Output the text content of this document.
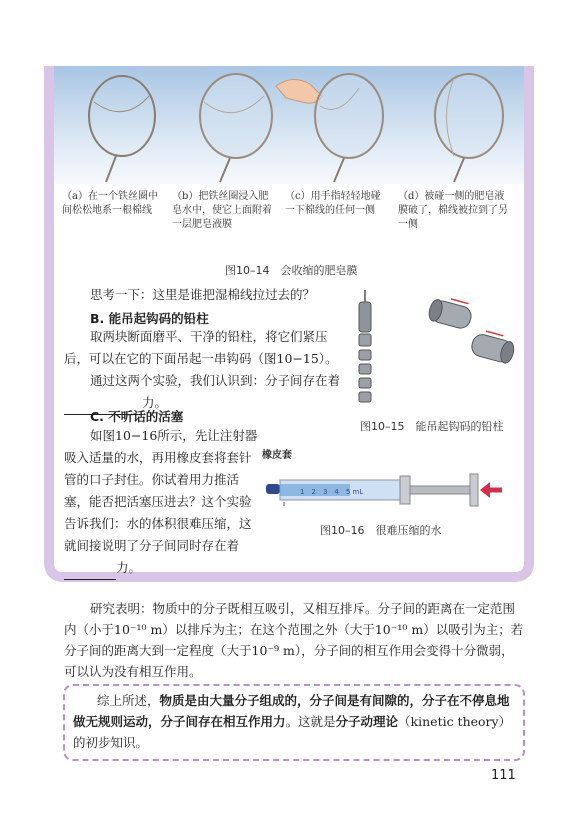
（a）在一个铁丝圈中间松松地系一根棉线
（b）把铁丝圈浸入肥皂水中，使它上面附着一层肥皂液膜
（c）用手指轻轻地碰一下棉线的任何一侧
（d）被碰一侧的肥皂液膜破了，棉线被拉到了另一侧
图10–14　会收缩的肥皂膜
思考一下：这里是谁把湿棉线拉过去的？
B. 能吊起钩码的铅柱
取两块断面磨平、干净的铅柱，将它们紧压后，可以在它的下面吊起一串钩码（图10−15）。
通过这两个实验，我们认识到：分子间存在着 力。
图10–15　能吊起钩码的铅柱
C. 不听话的活塞
如图10−16所示，先让注射器吸入适量的水，再用橡皮套将套针管的口子封住。你试着用力推活塞，能否把活塞压进去？这个实验告诉我们：水的体积很难压缩，这就间接说明了分子间同时存在着 力。
橡皮套
1 2 3 4 5 mL
图10–16　很难压缩的水
研究表明：物质中的分子既相互吸引，又相互排斥。分子间的距离在一定范围内（小于10⁻¹⁰ m）以排斥为主；在这个范围之外（大于10⁻¹⁰ m）以吸引为主；若分子间的距离大到一定程度（大于10⁻⁹ m），分子间的相互作用会变得十分微弱，可以认为没有相互作用。
综上所述，物质是由大量分子组成的，分子间是有间隙的，分子在不停息地做无规则运动，分子间存在相互作用力。这就是分子动理论（kinetic theory）的初步知识。
111
